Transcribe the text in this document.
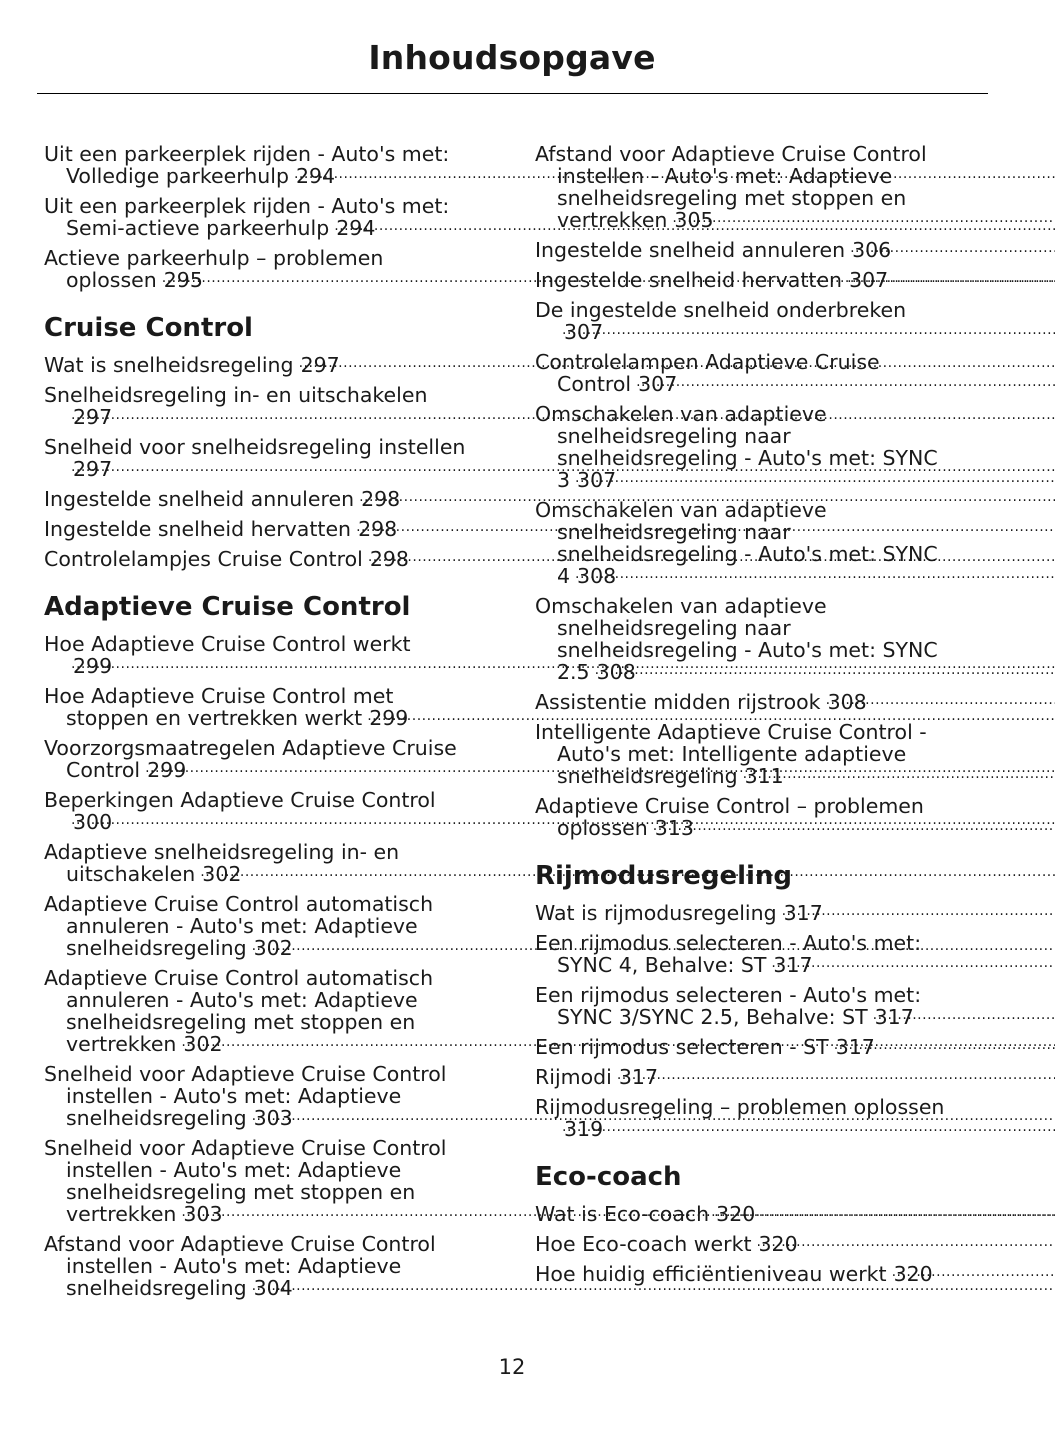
Inhoudsopgave
Uit een parkeerplek rijden - Auto's met:
Volledige parkeerhulp 294
Uit een parkeerplek rijden - Auto's met:
Semi-actieve parkeerhulp 294
Actieve parkeerhulp – problemen
oplossen 295
Cruise Control
Wat is snelheidsregeling 297
Snelheidsregeling in- en uitschakelen
297
Snelheid voor snelheidsregeling instellen
297
Ingestelde snelheid annuleren 298
Ingestelde snelheid hervatten 298
Controlelampjes Cruise Control 298
Adaptieve Cruise Control
Hoe Adaptieve Cruise Control werkt
299
Hoe Adaptieve Cruise Control met
stoppen en vertrekken werkt 299
Voorzorgsmaatregelen Adaptieve Cruise
Control 299
Beperkingen Adaptieve Cruise Control
300
Adaptieve snelheidsregeling in- en
uitschakelen 302
Adaptieve Cruise Control automatisch
annuleren - Auto's met: Adaptieve
snelheidsregeling 302
Adaptieve Cruise Control automatisch
annuleren - Auto's met: Adaptieve
snelheidsregeling met stoppen en
vertrekken 302
Snelheid voor Adaptieve Cruise Control
instellen - Auto's met: Adaptieve
snelheidsregeling 303
Snelheid voor Adaptieve Cruise Control
instellen - Auto's met: Adaptieve
snelheidsregeling met stoppen en
vertrekken 303
Afstand voor Adaptieve Cruise Control
instellen - Auto's met: Adaptieve
snelheidsregeling 304
Afstand voor Adaptieve Cruise Control
instellen - Auto's met: Adaptieve
snelheidsregeling met stoppen en
vertrekken 305
Ingestelde snelheid annuleren 306
Ingestelde snelheid hervatten 307
De ingestelde snelheid onderbreken
307
Controlelampen Adaptieve Cruise
Control 307
Omschakelen van adaptieve
snelheidsregeling naar
snelheidsregeling - Auto's met: SYNC
3 307
Omschakelen van adaptieve
snelheidsregeling naar
snelheidsregeling - Auto's met: SYNC
4 308
Omschakelen van adaptieve
snelheidsregeling naar
snelheidsregeling - Auto's met: SYNC
2.5 308
Assistentie midden rijstrook 308
Intelligente Adaptieve Cruise Control -
Auto's met: Intelligente adaptieve
snelheidsregeling 311
Adaptieve Cruise Control – problemen
oplossen 313
Rijmodusregeling
Wat is rijmodusregeling 317
Een rijmodus selecteren - Auto's met:
SYNC 4, Behalve: ST 317
Een rijmodus selecteren - Auto's met:
SYNC 3/SYNC 2.5, Behalve: ST 317
Een rijmodus selecteren - ST 317
Rijmodi 317
Rijmodusregeling – problemen oplossen
319
Eco-coach
Wat is Eco-coach 320
Hoe Eco-coach werkt 320
Hoe huidig efficiëntieniveau werkt 320
12
